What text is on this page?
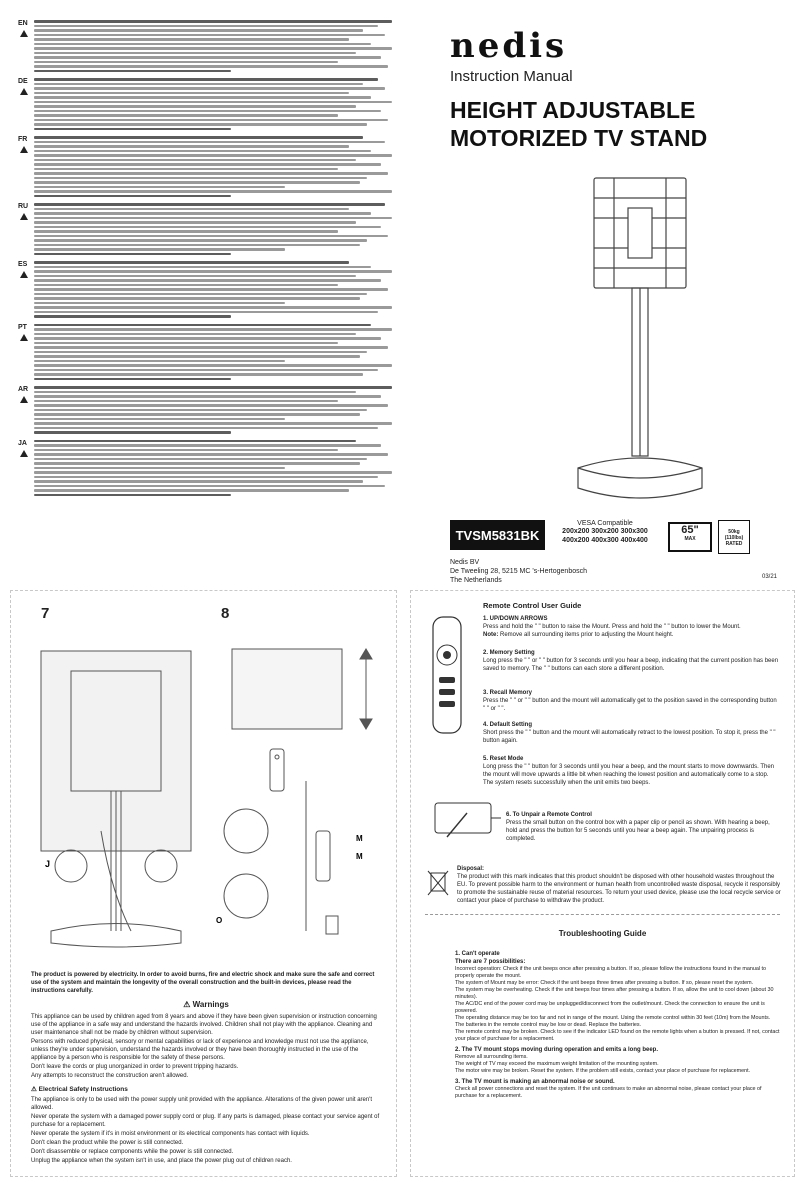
EN
DE
FR
RU
ES
PT
AR
JA
nedis
Instruction Manual
HEIGHT ADJUSTABLE MOTORIZED TV STAND
TVSM5831BK
VESA Compatible
200x200 300x200 300x300
400x200 400x300 400x400
65"
MAX
50kg
(110lbs)
RATED
Nedis BV
De Tweeling 28, 5215 MC 's-Hertogenbosch
The Netherlands	03/21
7	8
J
M
M
O
The product is powered by electricity. In order to avoid burns, fire and electric shock and make sure the safe and correct use of the system and maintain the longevity of the overall construction and the built-in devices, please read the instructions carefully.
⚠ Warnings

This appliance can be used by children aged from 8 years and above if they have been given supervision or instruction concerning use of the appliance in a safe way and understand the hazards involved. Children shall not play with the appliance. Cleaning and user maintenance shall not be made by children without supervision.

Persons with reduced physical, sensory or mental capabilities or lack of experience and knowledge must not use the appliance, unless they're under supervision, understand the hazards involved or they have been thoroughly instructed in the use of the appliance by a person who is responsible for the safety of these persons.

Don't leave the cords or plug unorganized in order to prevent tripping hazards.

Any attempts to reconstruct the construction aren't allowed.

⚠ Electrical Safety Instructions

The appliance is only to be used with the power supply unit provided with the appliance. Alterations of the given power unit aren't allowed.

Never operate the system with a damaged power supply cord or plug. If any parts is damaged, please contact your service agent of purchase for a replacement.

Never operate the system if it's in moist environment or its electrical components has contact with liquids.

Don't clean the product while the power is still connected.

Don't disassemble or replace components while the power is still connected.

Unplug the appliance when the system isn't in use, and place the power plug out of children reach.

Remote Control User Guide
1. UP/DOWN ARROWS
Press and hold the " " button to raise the Mount. Press and hold the " " button to lower the Mount.
Note: Remove all surrounding items prior to adjusting the Mount height.
2. Memory Setting
Long press the " " or " " button for 3 seconds until you hear a beep, indicating that the current position has been saved to memory. The " " buttons can each store a different position.
3. Recall Memory
Press the " " or " " button and the mount will automatically get to the position saved in the corresponding button " " or " ".
4. Default Setting
Short press the " " button and the mount will automatically retract to the lowest position. To stop it, press the " " button again.
5. Reset Mode
Long press the " " button for 3 seconds until you hear a beep, and the mount starts to move downwards. Then the mount will move upwards a little bit when reaching the lowest position and automatically come to a stop. The system resets successfully when the unit emits two beeps.
6. To Unpair a Remote Control
Press the small button on the control box with a paper clip or pencil as shown. With hearing a beep, hold and press the button for 5 seconds until you hear a beep again. The unpairing process is completed.
Disposal:
The product with this mark indicates that this product shouldn't be disposed with other household wastes throughout the EU. To prevent possible harm to the environment or human health from uncontrolled waste disposal, recycle it responsibly to promote the sustainable reuse of material resources. To return your used device, please use the local recycle service or contact your place of purchase to withdraw the product.
Troubleshooting Guide
1. Can't operate
There are 7 possibilities:

Incorrect operation: Check if the unit beeps once after pressing a button. If so, please follow the instructions found in the manual to properly operate the mount.

The system of Mount may be error: Check if the unit beeps three times after pressing a button. If so, please reset the system.

The system may be overheating. Check if the unit beeps four times after pressing a button. If so, allow the unit to cool down (about 30 minutes).

The AC/DC end of the power cord may be unplugged/disconnect from the outlet/mount. Check the connection to ensure the unit is powered.

The operating distance may be too far and not in range of the mount. Using the remote control within 30 feet (10m) from the Mounts.

The batteries in the remote control may be low or dead. Replace the batteries.

The remote control may be broken. Check to see if the indicator LED found on the remote lights when a button is pressed. If not, contact your place of purchase for a replacement.

2. The TV mount stops moving during operation and emits a long beep.

Remove all surrounding items.

The weight of TV may exceed the maximum weight limitation of the mounting system.

The motor wire may be broken. Reset the system. If the problem still exists, contact your place of purchase for replacement.

3. The TV mount is making an abnormal noise or sound.

Check all power connections and reset the system. If the unit continues to make an abnormal noise, please contact your place of purchase for a replacement.
